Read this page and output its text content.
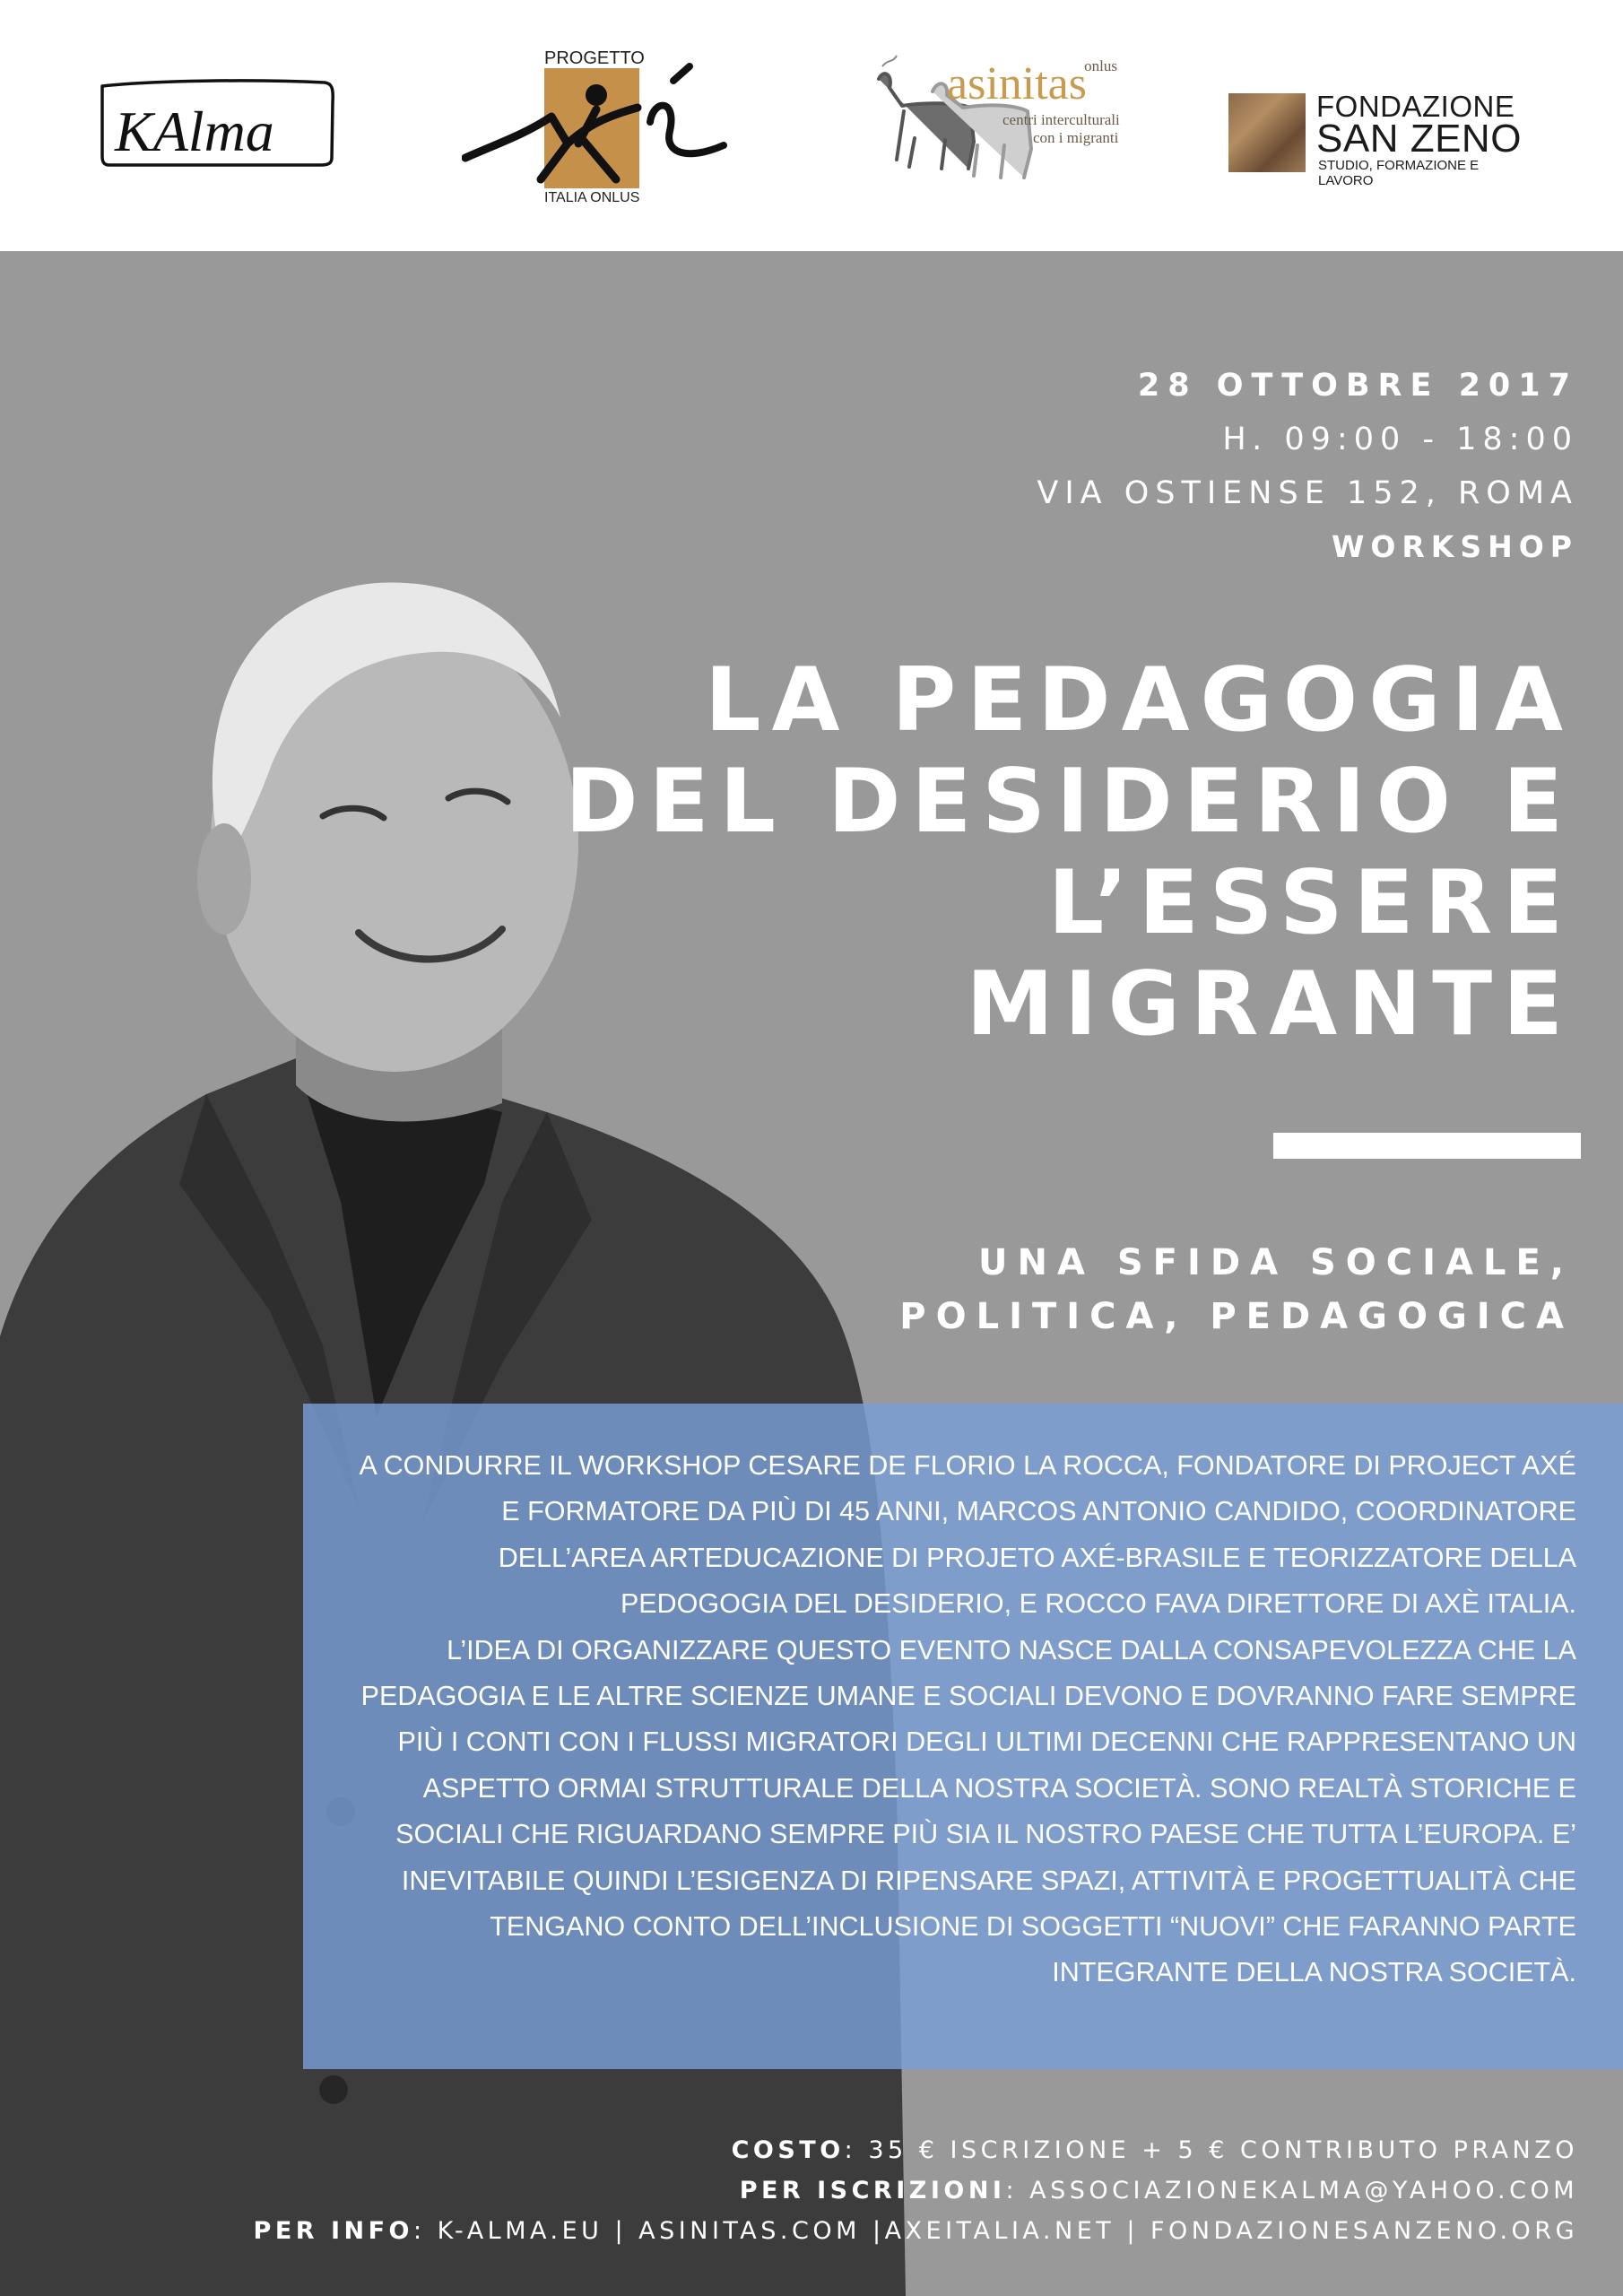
KAlma
PROGETTO
ITALIA ONLUS
onlus
asinitas
centri interculturali
con i migranti
FONDAZIONE
SAN ZENO
STUDIO, FORMAZIONE E LAVORO
28 OTTOBRE 2017
H. 09:00 - 18:00
VIA OSTIENSE 152, ROMA
WORKSHOP
LA PEDAGOGIA
DEL DESIDERIO E
L’ESSERE
MIGRANTE
UNA SFIDA SOCIALE,
POLITICA, PEDAGOGICA
A CONDURRE IL WORKSHOP CESARE DE FLORIO LA ROCCA, FONDATORE DI PROJECT AXÉ
E FORMATORE DA PIÙ DI 45 ANNI, MARCOS ANTONIO CANDIDO, COORDINATORE
DELL’AREA ARTEDUCAZIONE DI PROJETO AXÉ-BRASILE E TEORIZZATORE DELLA
PEDOGOGIA DEL DESIDERIO, E ROCCO FAVA DIRETTORE DI AXÈ ITALIA.
L’IDEA DI ORGANIZZARE QUESTO EVENTO NASCE DALLA CONSAPEVOLEZZA CHE LA
PEDAGOGIA E LE ALTRE SCIENZE UMANE E SOCIALI DEVONO E DOVRANNO FARE SEMPRE
PIÙ I CONTI CON I FLUSSI MIGRATORI DEGLI ULTIMI DECENNI CHE RAPPRESENTANO UN
ASPETTO ORMAI STRUTTURALE DELLA NOSTRA SOCIETÀ. SONO REALTÀ STORICHE E
SOCIALI CHE RIGUARDANO SEMPRE PIÙ SIA IL NOSTRO PAESE CHE TUTTA L’EUROPA. E’
INEVITABILE QUINDI L’ESIGENZA DI RIPENSARE SPAZI, ATTIVITÀ E PROGETTUALITÀ CHE
TENGANO CONTO DELL’INCLUSIONE DI SOGGETTI “NUOVI” CHE FARANNO PARTE
INTEGRANTE DELLA NOSTRA SOCIETÀ.
COSTO: 35 € ISCRIZIONE + 5 € CONTRIBUTO PRANZO
PER ISCRIZIONI: ASSOCIAZIONEKALMA@YAHOO.COM
PER INFO: K-ALMA.EU | ASINITAS.COM |AXEITALIA.NET | FONDAZIONESANZENO.ORG
